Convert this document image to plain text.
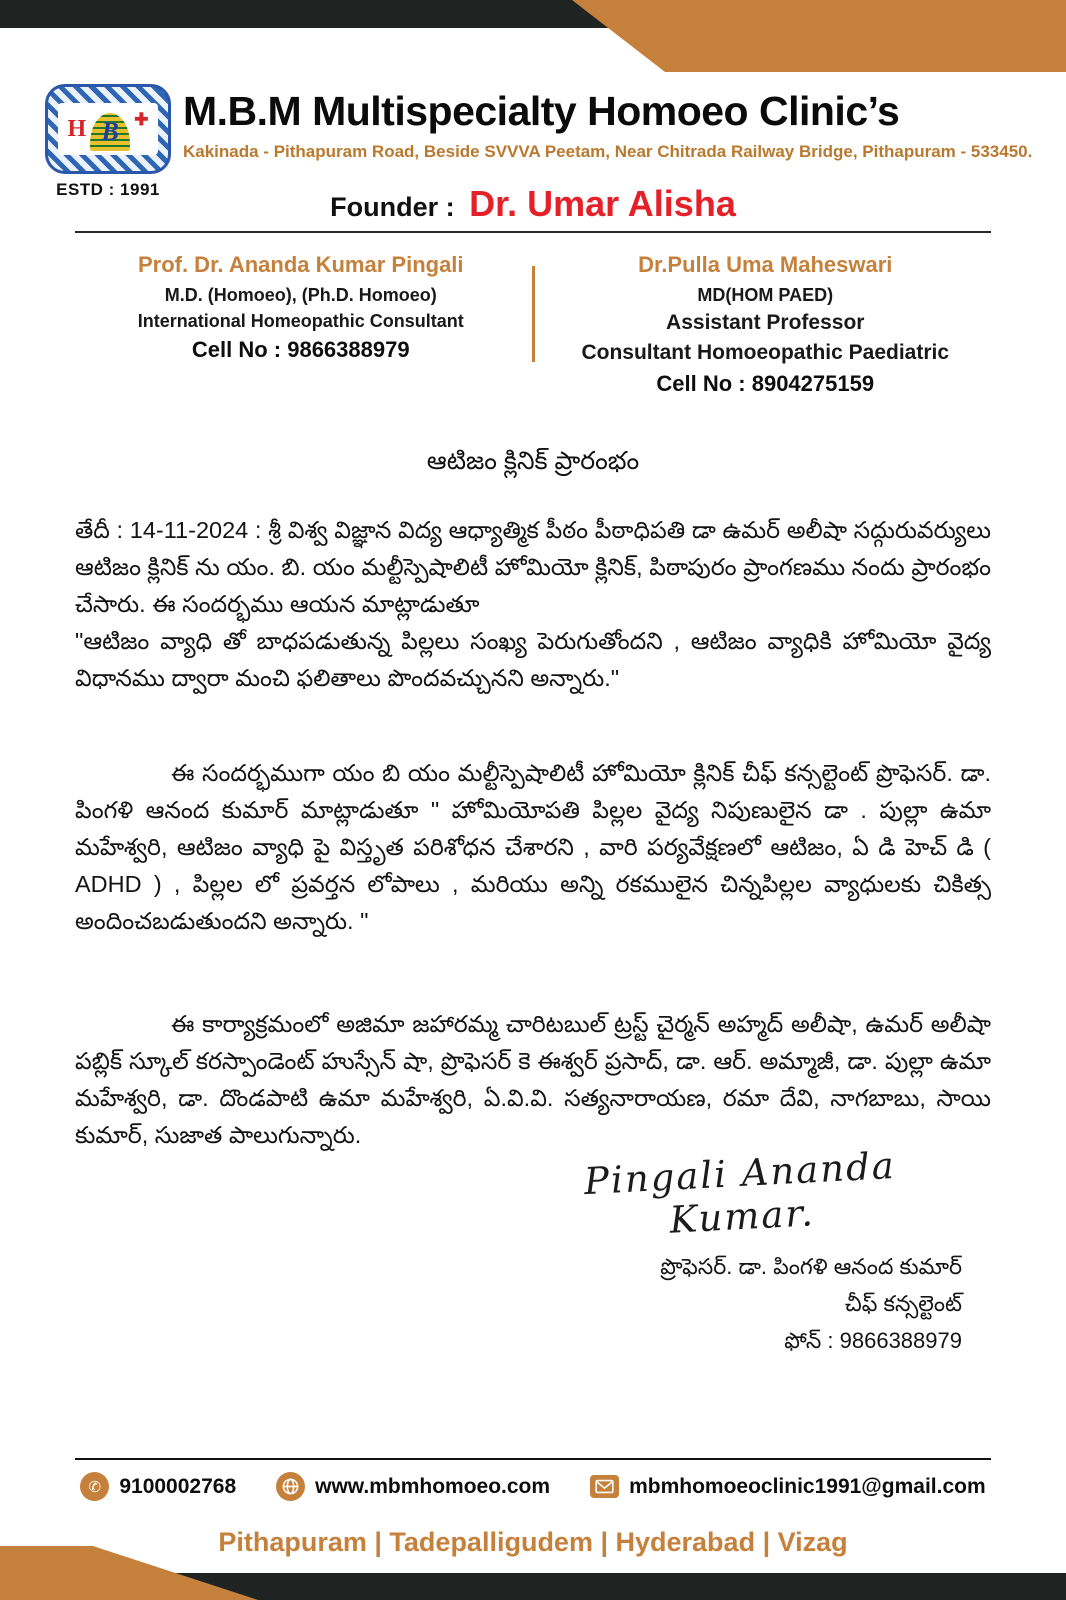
H B ✚
ESTD : 1991
M.B.M Multispecialty Homoeo Clinic’s
Kakinada - Pithapuram Road, Beside SVVVA Peetam, Near Chitrada Railway Bridge, Pithapuram - 533450.
Founder : Dr. Umar Alisha
Prof. Dr. Ananda Kumar Pingali
M.D. (Homoeo), (Ph.D. Homoeo)
International Homeopathic Consultant
Cell No : 9866388979
Dr.Pulla Uma Maheswari
MD(HOM PAED)
Assistant Professor
Consultant Homoeopathic Paediatric
Cell No : 8904275159
ఆటిజం క్లినిక్ ప్రారంభం

తేదీ : 14-11-2024 : శ్రీ విశ్వ విజ్ఞాన విద్య ఆధ్యాత్మిక పీఠం పీఠాధిపతి డా ఉమర్ అలీషా సద్గురువర్యులు ఆటిజం క్లినిక్ ను యం. బి. యం మల్టీస్పెషాలిటీ హోమియో క్లినిక్, పిఠాపురం ప్రాంగణము నందు ప్రారంభం చేసారు. ఈ సందర్భము ఆయన మాట్లాడుతూ

"ఆటిజం వ్యాధి తో బాధపడుతున్న పిల్లలు సంఖ్య పెరుగుతోందని , ఆటిజం వ్యాధికి హోమియో వైద్య విధానము ద్వారా మంచి ఫలితాలు పొందవచ్చునని అన్నారు."

ఈ సందర్భముగా యం బి యం మల్టీస్పెషాలిటీ హోమియో క్లినిక్ చీఫ్ కన్సల్టెంట్ ప్రొఫెసర్. డా. పింగళి ఆనంద కుమార్ మాట్లాడుతూ " హోమియోపతి పిల్లల వైద్య నిపుణులైన డా . పుల్లా ఉమా మహేశ్వరి, ఆటిజం వ్యాధి పై విస్తృత పరిశోధన చేశారని , వారి పర్యవేక్షణలో ఆటిజం, ఏ డి హెచ్ డి ( ADHD ) , పిల్లల లో ప్రవర్తన లోపాలు , మరియు అన్ని రకములైన చిన్నపిల్లల వ్యాధులకు చికిత్స అందించబడుతుందని అన్నారు. "

ఈ కార్యాక్రమంలో అజిమా జహారమ్మ చారిటబుల్ ట్రస్ట్ చైర్మన్ అహ్మద్ అలీషా, ఉమర్ అలీషా పబ్లిక్ స్కూల్ కరస్పాండెంట్ హుస్సేన్ షా, ప్రొఫెసర్ కె ఈశ్వర్ ప్రసాద్, డా. ఆర్. అమ్మాజీ, డా. పుల్లా ఉమా మహేశ్వరి, డా. దొండపాటి ఉమా మహేశ్వరి, ఏ.వి.వి. సత్యనారాయణ, రమా దేవి, నాగబాబు, సాయి కుమార్, సుజాత పాలుగున్నారు.

Pingali Ananda Kumar.
ప్రొఫెసర్. డా. పింగళి ఆనంద కుమార్
చీఫ్ కన్సల్టెంట్
ఫోన్ : 9866388979
✆ 9100002768	www.mbmhomoeo.com	mbmhomoeoclinic1991@gmail.com
Pithapuram | Tadepalligudem | Hyderabad | Vizag
